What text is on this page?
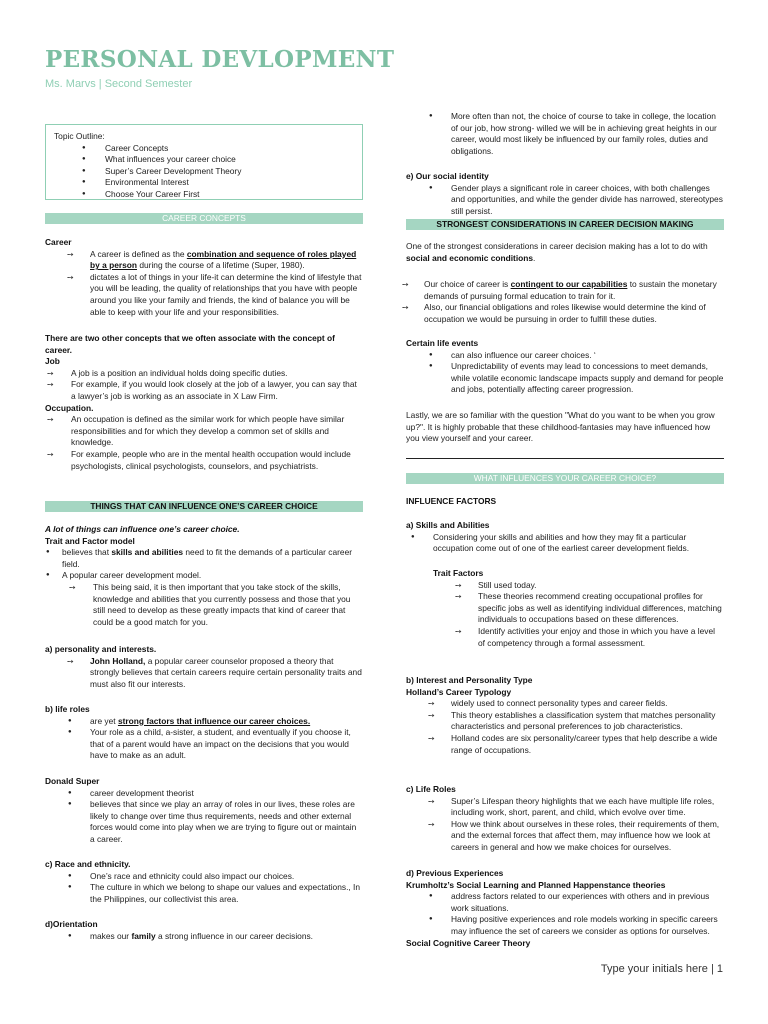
PERSONAL DEVLOPMENT
Ms. Marvs | Second Semester
Topic Outline:
● Career Concepts
● What influences your career choice
● Super’s Career Development Theory
● Environmental Interest
● Choose Your Career First
CAREER CONCEPTS
Career
➙ A career is defined as the combination and sequence of roles played by a person during the course of a lifetime (Super, 1980).
➙ dictates a lot of things in your life-it can determine the kind of lifestyle that you will be leading, the quality of relationships that you have with people around you like your family and friends, the kind of balance you will be able to keep with your life and your responsibilities.
There are two other concepts that we often associate with the concept of career.
Job
➙ A job is a position an individual holds doing specific duties.
➙ For example, if you would look closely at the job of a lawyer, you can say that a lawyer’s job is working as an associate in X Law Firm.
Occupation.
➙ An occupation is defined as the similar work for which people have similar responsibilities and for which they develop a common set of skills and knowledge.
➙ For example, people who are in the mental health occupation would include psychologists, clinical psychologists, counselors, and psychiatrists.
THINGS THAT CAN INFLUENCE ONE’S CAREER CHOICE
A lot of things can influence one’s career choice.
Trait and Factor model
● believes that skills and abilities need to fit the demands of a particular career field.
● A popular career development model.
➙ This being said, it is then important that you take stock of the skills, knowledge and abilities that you currently possess and those that you still need to develop as these greatly impacts that kind of career that could be a good match for you.
a) personality and interests.
➙ John Holland, a popular career counselor proposed a theory that strongly believes that certain careers require certain personality traits and must also fit our interests.
b) life roles
● are yet strong factors that influence our career choices.
● Your role as a child, a-sister, a student, and eventually if you choose it, that of a parent would have an impact on the decisions that you would have to make as an adult.
Donald Super
● career development theorist
● believes that since we play an array of roles in our lives, these roles are likely to change over time thus requirements, needs and other external forces would come into play when we are trying to figure out or maintain a career.
c) Race and ethnicity.
● One’s race and ethnicity could also impact our choices.
● The culture in which we belong to shape our values and expectations., In the Philippines, our collectivist this area.
d)Orientation
● makes our family a strong influence in our career decisions.
● More often than not, the choice of course to take in college, the location of our job, how strong- willed we will be in achieving great heights in our career, would most likely be influenced by our family roles, duties and obligations.
e) Our social identity
● Gender plays a significant role in career choices, with both challenges and opportunities, and while the gender divide has narrowed, stereotypes still persist.
STRONGEST CONSIDERATIONS IN CAREER DECISION MAKING
One of the strongest considerations in career decision making has a lot to do with social and economic conditions.
➙ Our choice of career is contingent to our capabilities to sustain the monetary demands of pursuing formal education to train for it.
➙ Also, our financial obligations and roles likewise would determine the kind of occupation we would be pursuing in order to fulfill these duties.
Certain life events
● can also influence our career choices. ‘
● Unpredictability of events may lead to concessions to meet demands, while volatile economic landscape impacts supply and demand for people and jobs, potentially affecting career progression.
Lastly, we are so familiar with the question "What do you want to be when you grow up?". It is highly probable that these childhood-fantasies may have influenced how you view yourself and your career.
WHAT INFLUENCES YOUR CAREER CHOICE?
INFLUENCE FACTORS
a) Skills and Abilities
● Considering your skills and abilities and how they may fit a particular occupation come out of one of the earliest career development fields.
Trait Factors
➙ Still used today.
➙ These theories recommend creating occupational profiles for specific jobs as well as identifying individual differences, matching individuals to occupations based on these differences.
➙ Identify activities your enjoy and those in which you have a level of competency through a formal assessment.
b) Interest and Personality Type
Holland’s Career Typology
➙ widely used to connect personality types and career fields.
➙ This theory establishes a classification system that matches personality characteristics and personal preferences to job characteristics.
➙ Holland codes are six personality/career types that help describe a wide range of occupations.
c) Life Roles
➙ Super’s Lifespan theory highlights that we each have multiple life roles, including work, short, parent, and child, which evolve over time.
➙ How we think about ourselves in these roles, their requirements of them, and the external forces that affect them, may influence how we look at careers in general and how we make choices for ourselves.
d) Previous Experiences
Krumholtz’s Social Learning and Planned Happenstance theories
● address factors related to our experiences with others and in previous work situations.
● Having positive experiences and role models working in specific careers may influence the set of careers we consider as options for ourselves.
Social Cognitive Career Theory
Type your initials here | 1
